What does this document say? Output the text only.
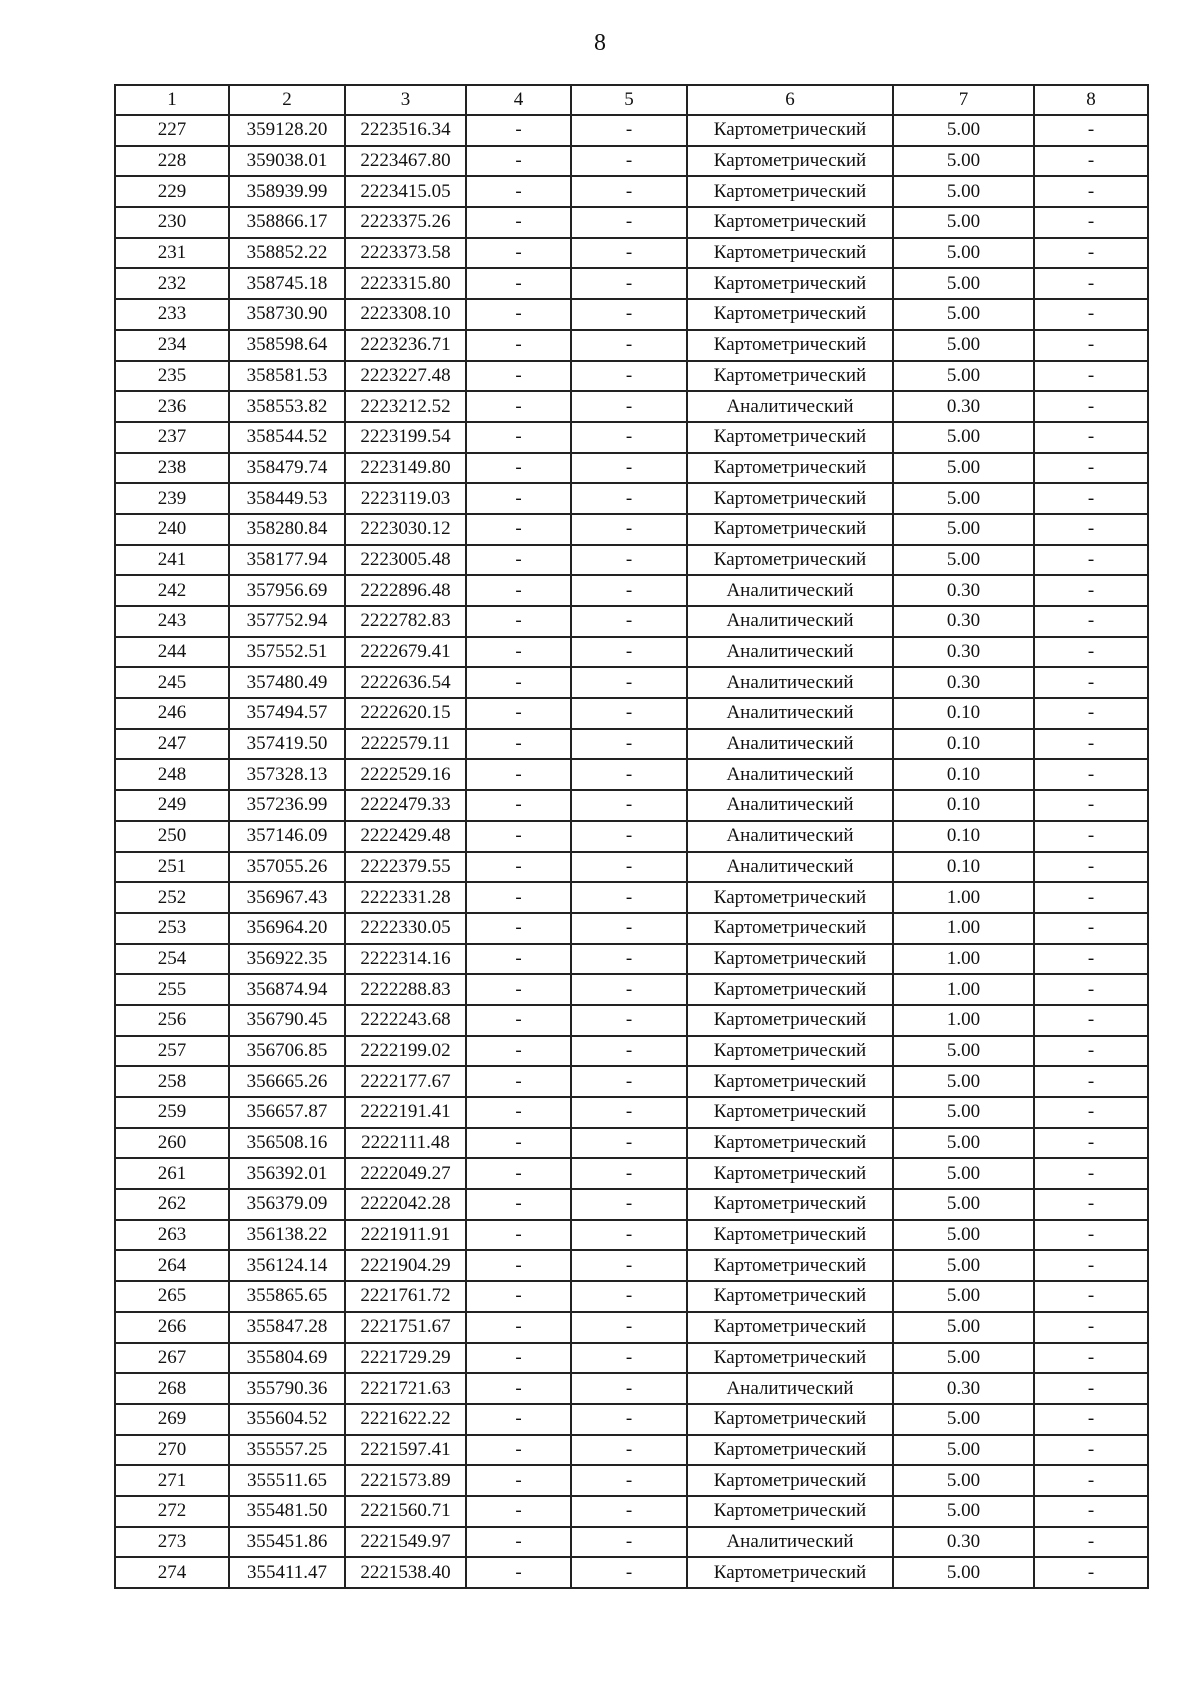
8
1	2	3	4	5	6	7	8
227	359128.20	2223516.34	-	-	Картометрический	5.00	-
228	359038.01	2223467.80	-	-	Картометрический	5.00	-
229	358939.99	2223415.05	-	-	Картометрический	5.00	-
230	358866.17	2223375.26	-	-	Картометрический	5.00	-
231	358852.22	2223373.58	-	-	Картометрический	5.00	-
232	358745.18	2223315.80	-	-	Картометрический	5.00	-
233	358730.90	2223308.10	-	-	Картометрический	5.00	-
234	358598.64	2223236.71	-	-	Картометрический	5.00	-
235	358581.53	2223227.48	-	-	Картометрический	5.00	-
236	358553.82	2223212.52	-	-	Аналитический	0.30	-
237	358544.52	2223199.54	-	-	Картометрический	5.00	-
238	358479.74	2223149.80	-	-	Картометрический	5.00	-
239	358449.53	2223119.03	-	-	Картометрический	5.00	-
240	358280.84	2223030.12	-	-	Картометрический	5.00	-
241	358177.94	2223005.48	-	-	Картометрический	5.00	-
242	357956.69	2222896.48	-	-	Аналитический	0.30	-
243	357752.94	2222782.83	-	-	Аналитический	0.30	-
244	357552.51	2222679.41	-	-	Аналитический	0.30	-
245	357480.49	2222636.54	-	-	Аналитический	0.30	-
246	357494.57	2222620.15	-	-	Аналитический	0.10	-
247	357419.50	2222579.11	-	-	Аналитический	0.10	-
248	357328.13	2222529.16	-	-	Аналитический	0.10	-
249	357236.99	2222479.33	-	-	Аналитический	0.10	-
250	357146.09	2222429.48	-	-	Аналитический	0.10	-
251	357055.26	2222379.55	-	-	Аналитический	0.10	-
252	356967.43	2222331.28	-	-	Картометрический	1.00	-
253	356964.20	2222330.05	-	-	Картометрический	1.00	-
254	356922.35	2222314.16	-	-	Картометрический	1.00	-
255	356874.94	2222288.83	-	-	Картометрический	1.00	-
256	356790.45	2222243.68	-	-	Картометрический	1.00	-
257	356706.85	2222199.02	-	-	Картометрический	5.00	-
258	356665.26	2222177.67	-	-	Картометрический	5.00	-
259	356657.87	2222191.41	-	-	Картометрический	5.00	-
260	356508.16	2222111.48	-	-	Картометрический	5.00	-
261	356392.01	2222049.27	-	-	Картометрический	5.00	-
262	356379.09	2222042.28	-	-	Картометрический	5.00	-
263	356138.22	2221911.91	-	-	Картометрический	5.00	-
264	356124.14	2221904.29	-	-	Картометрический	5.00	-
265	355865.65	2221761.72	-	-	Картометрический	5.00	-
266	355847.28	2221751.67	-	-	Картометрический	5.00	-
267	355804.69	2221729.29	-	-	Картометрический	5.00	-
268	355790.36	2221721.63	-	-	Аналитический	0.30	-
269	355604.52	2221622.22	-	-	Картометрический	5.00	-
270	355557.25	2221597.41	-	-	Картометрический	5.00	-
271	355511.65	2221573.89	-	-	Картометрический	5.00	-
272	355481.50	2221560.71	-	-	Картометрический	5.00	-
273	355451.86	2221549.97	-	-	Аналитический	0.30	-
274	355411.47	2221538.40	-	-	Картометрический	5.00	-
